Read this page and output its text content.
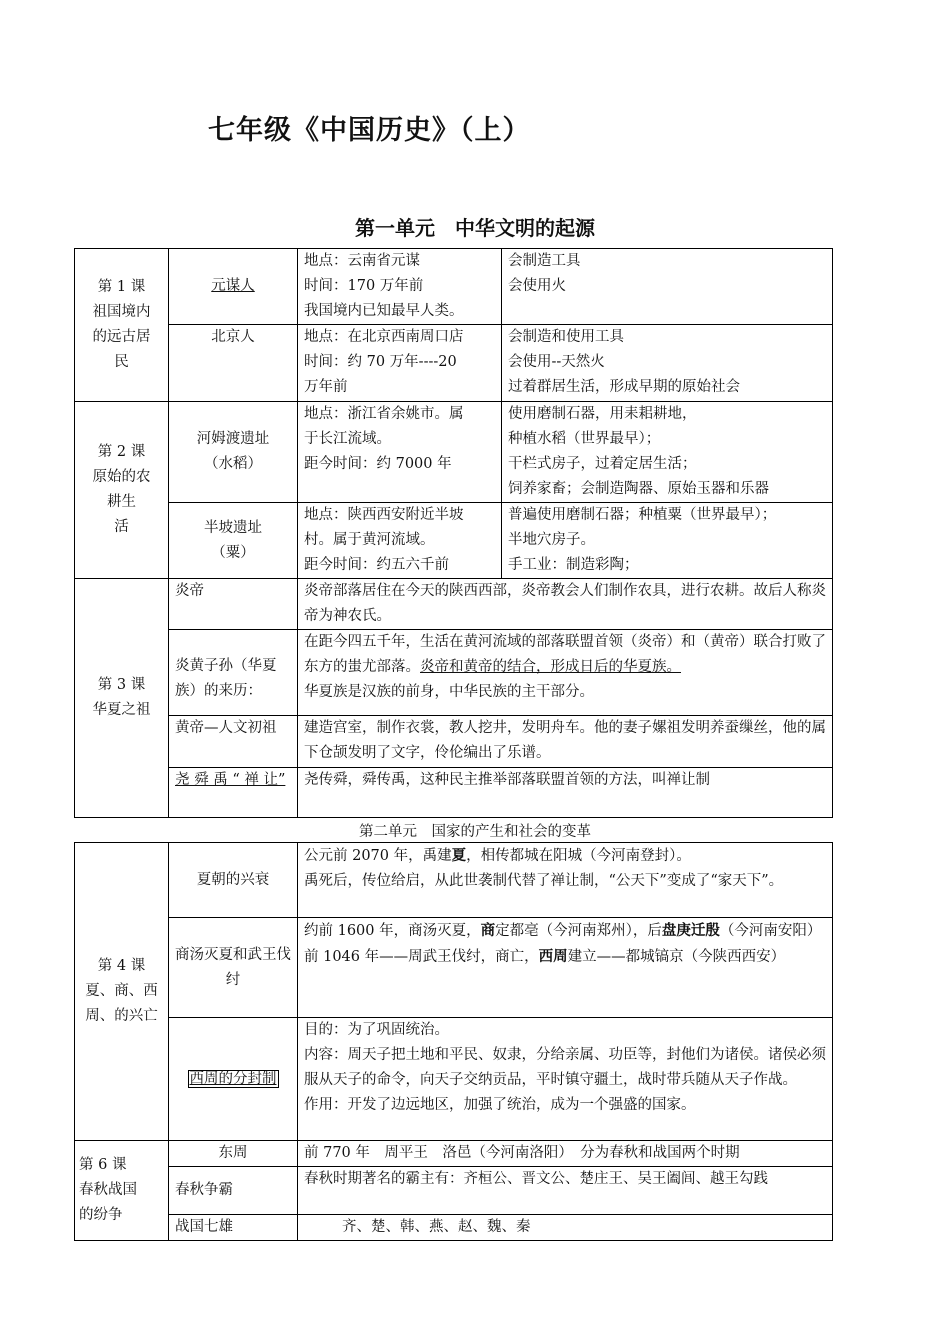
七年级《中国历史》（上）
第一单元　中华文明的起源
第 1 课
祖国境内
的远古居
民	元谋人	地点：云南省元谋
时间：170 万年前
我国境内已知最早人类。	会制造工具
会使用火

	北京人	地点：在北京西南周口店
时间：约 70 万年----20
万年前	会制造和使用工具
会使用--天然火
过着群居生活，形成早期的原始社会

第 2 课
原始的农
耕生
活	河姆渡遗址
（水稻）	地点：浙江省余姚市。属
于长江流域。
距今时间：约 7000 年	使用磨制石器，用耒耜耕地，
种植水稻（世界最早）；
干栏式房子，过着定居生活；
饲养家畜；会制造陶器、原始玉器和乐器

	半坡遗址
（粟）	地点：陕西西安附近半坡
村。属于黄河流域。
距今时间：约五六千前	普遍使用磨制石器；种植粟（世界最早）；
半地穴房子。
手工业：制造彩陶；

第 3 课
华夏之祖	炎帝	炎帝部落居住在今天的陕西西部，炎帝教会人们制作农具，进行农耕。故后人称炎帝为神农氏。	
	炎黄子孙（华夏族）的来历：	在距今四五千年，生活在黄河流域的部落联盟首领（炎帝）和（黄帝）联合打败了东方的蚩尤部落。炎帝和黄帝的结合，形成日后的华夏族。
华夏族是汉族的前身，中华民族的主干部分。	

	黄帝—人文初祖	建造宫室，制作衣裳，教人挖井，发明舟车。他的妻子嫘祖发明养蚕缫丝，他的属下仓颉发明了文字，伶伦编出了乐谱。	
	尧 舜 禹 “ 禅 让”	尧传舜，舜传禹，这种民主推举部落联盟首领的方法，叫禅让制	
第二单元　国家的产生和社会的变革
第 4 课
夏、商、西
周、的兴亡	夏朝的兴衰	公元前 2070 年，禹建夏，相传都城在阳城（今河南登封）。
禹死后，传位给启，从此世袭制代替了禅让制，“公天下”变成了“家天下”。

	商汤灭夏和武王伐纣	约前 1600 年，商汤灭夏，商定都亳（今河南郑州），后盘庚迁殷（今河南安阳）
前 1046 年——周武王伐纣，商亡，西周建立——都城镐京（今陕西西安）

	西周的分封制	目的：为了巩固统治。
内容：周天子把土地和平民、奴隶，分给亲属、功臣等，封他们为诸侯。诸侯必须服从天子的命令，向天子交纳贡品，平时镇守疆土，战时带兵随从天子作战。
作用：开发了边远地区，加强了统治，成为一个强盛的国家。

第 6 课
春秋战国
的纷争	东周	前 770 年　周平王　洛邑（今河南洛阳）　分为春秋和战国两个时期
	春秋争霸	春秋时期著名的霸主有：齐桓公、晋文公、楚庄王、吴王阖闾、越王勾践
	战国七雄	齐、楚、韩、燕、赵、魏、秦
